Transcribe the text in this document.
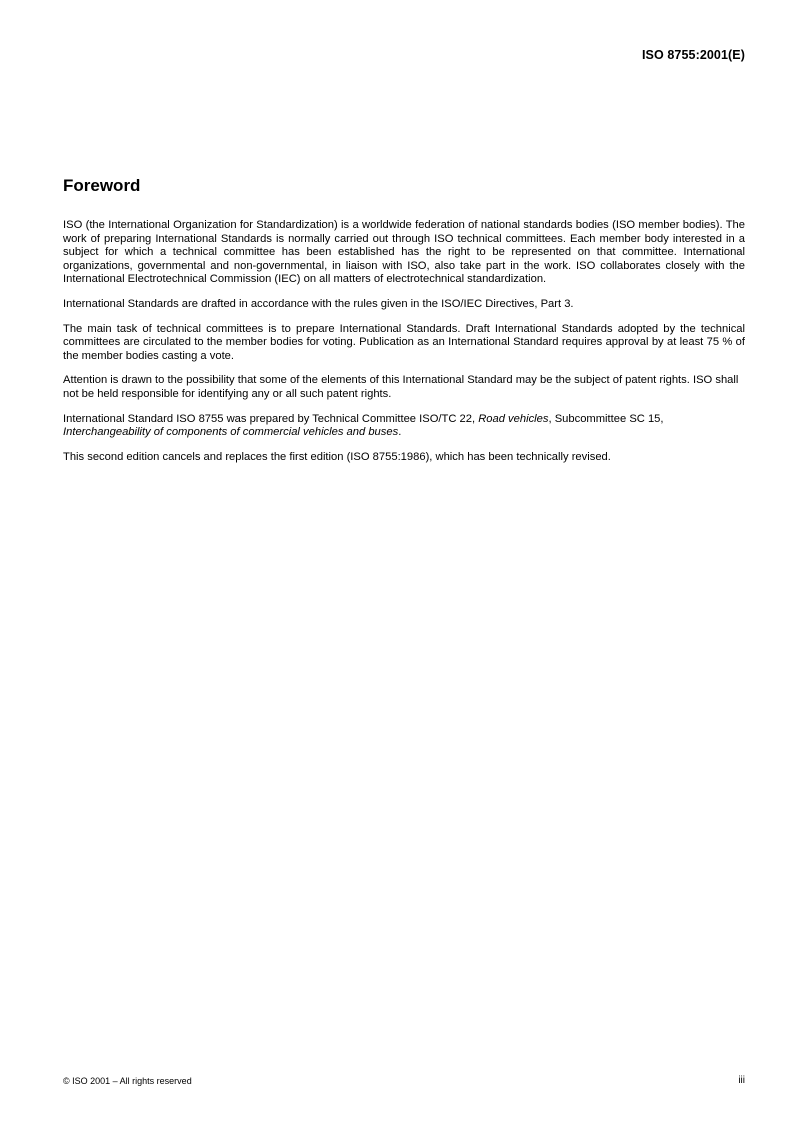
ISO 8755:2001(E)
Foreword

ISO (the International Organization for Standardization) is a worldwide federation of national standards bodies (ISO member bodies). The work of preparing International Standards is normally carried out through ISO technical committees. Each member body interested in a subject for which a technical committee has been established has the right to be represented on that committee. International organizations, governmental and non-governmental, in liaison with ISO, also take part in the work. ISO collaborates closely with the International Electrotechnical Commission (IEC) on all matters of electrotechnical standardization.

International Standards are drafted in accordance with the rules given in the ISO/IEC Directives, Part 3.

The main task of technical committees is to prepare International Standards. Draft International Standards adopted by the technical committees are circulated to the member bodies for voting. Publication as an International Standard requires approval by at least 75 % of the member bodies casting a vote.

Attention is drawn to the possibility that some of the elements of this International Standard may be the subject of patent rights. ISO shall not be held responsible for identifying any or all such patent rights.

International Standard ISO 8755 was prepared by Technical Committee ISO/TC 22, Road vehicles, Subcommittee SC 15, Interchangeability of components of commercial vehicles and buses.

This second edition cancels and replaces the first edition (ISO 8755:1986), which has been technically revised.

© ISO 2001 – All rights reserved	iii
